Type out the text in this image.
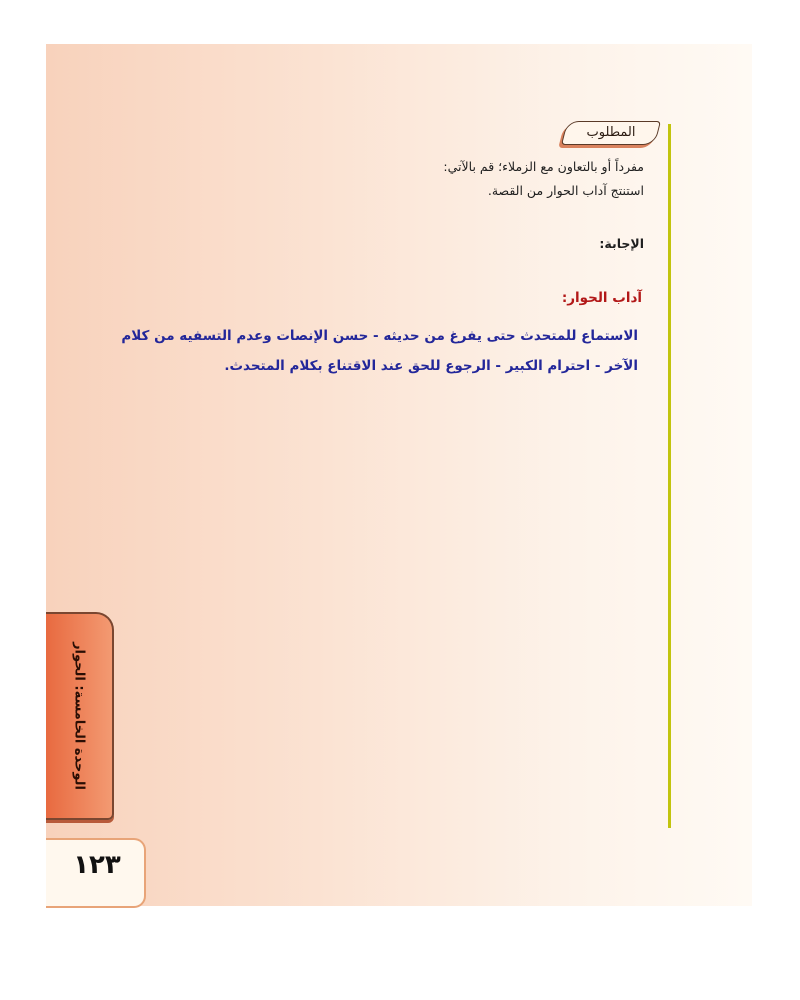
المطلوب
مفرداً أو بالتعاون مع الزملاء؛ قم بالآتي:
استنتج آداب الحوار من القصة.
الإجابة:
آداب الحوار:
الاستماع للمتحدث حتى يفرغ من حديثه - حسن الإنصات وعدم التسفيه من كلام الآخر - احترام الكبير - الرجوع للحق عند الاقتناع بكلام المتحدث.
الوحدة الخامسة: الحوار
١٢٣
